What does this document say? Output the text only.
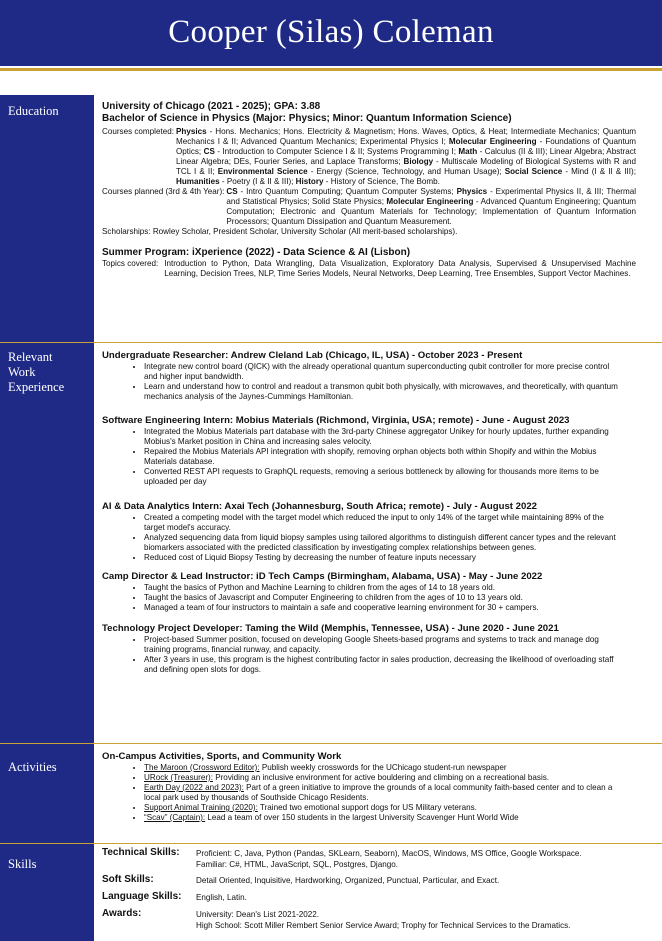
Cooper (Silas) Coleman
Education
Relevant Work Experience
Activities
Skills
University of Chicago (2021 - 2025); GPA: 3.88
Bachelor of Science in Physics (Major: Physics; Minor: Quantum Information Science)
Courses completed: Physics - Hons. Mechanics; Hons. Electricity & Magnetism; Hons. Waves, Optics, & Heat; Intermediate Mechanics; Quantum Mechanics I & II; Advanced Quantum Mechanics; Experimental Physics I; Molecular Engineering - Foundations of Quantum Optics; CS - Introduction to Computer Science I & II; Systems Programming I; Math - Calculus (II & III); Linear Algebra; Abstract Linear Algebra; DEs, Fourier Series, and Laplace Transforms; Biology - Multiscale Modeling of Biological Systems with R and TCL I & II; Environmental Science - Energy (Science, Technology, and Human Usage); Social Science - Mind (I & II & III); Humanities - Poetry (I & II & III); History - History of Science, The Bomb.
Courses planned (3rd & 4th Year): CS - Intro Quantum Computing; Quantum Computer Systems; Physics - Experimental Physics II, & III; Thermal and Statistical Physics; Solid State Physics; Molecular Engineering - Advanced Quantum Engineering; Quantum Computation; Electronic and Quantum Materials for Technology; Implementation of Quantum Information Processors; Quantum Dissipation and Quantum Measurement.
Scholarships: Rowley Scholar, President Scholar, University Scholar (All merit-based scholarships).
Summer Program: iXperience (2022) - Data Science & AI (Lisbon)
Topics covered: Introduction to Python, Data Wrangling, Data Visualization, Exploratory Data Analysis, Supervised & Unsupervised Machine Learning, Decision Trees, NLP, Time Series Models, Neural Networks, Deep Learning, Tree Ensembles, Support Vector Machines.
Undergraduate Researcher: Andrew Cleland Lab (Chicago, IL, USA) - October 2023 - Present
• Integrate new control board (QICK) with the already operational quantum superconducting qubit controller for more precise control and higher input bandwidth.
• Learn and understand how to control and readout a transmon qubit both physically, with microwaves, and theoretically, with quantum mechanics analysis of the Jaynes-Cummings Hamiltonian.
Software Engineering Intern: Mobius Materials (Richmond, Virginia, USA; remote) - June - August 2023
• Integrated the Mobius Materials part database with the 3rd-party Chinese aggregator Unikey for hourly updates, further expanding Mobius's Market position in China and increasing sales velocity.
• Repaired the Mobius Materials API integration with shopify, removing orphan objects both within Shopify and within the Mobius Materials database.
• Converted REST API requests to GraphQL requests, removing a serious bottleneck by allowing for thousands more items to be uploaded per day
AI & Data Analytics Intern: Axai Tech (Johannesburg, South Africa; remote) - July - August 2022
• Created a competing model with the target model which reduced the input to only 14% of the target while maintaining 89% of the target model's accuracy.
• Analyzed sequencing data from liquid biopsy samples using tailored algorithms to distinguish different cancer types and the relevant biomarkers associated with the predicted classification by investigating complex relationships between genes.
• Reduced cost of Liquid Biopsy Testing by decreasing the number of feature inputs necessary
Camp Director & Lead Instructor: iD Tech Camps (Birmingham, Alabama, USA) - May - June 2022
• Taught the basics of Python and Machine Learning to children from the ages of 14 to 18 years old.
• Taught the basics of Javascript and Computer Engineering to children from the ages of 10 to 13 years old.
• Managed a team of four instructors to maintain a safe and cooperative learning environment for 30 + campers.
Technology Project Developer: Taming the Wild (Memphis, Tennessee, USA) - June 2020 - June 2021
• Project-based Summer position, focused on developing Google Sheets-based programs and systems to track and manage dog training programs, financial runway, and capacity.
• After 3 years in use, this program is the highest contributing factor in sales production, decreasing the likelihood of overloading staff and defining open slots for dogs.
On-Campus Activities, Sports, and Community Work
• The Maroon (Crossword Editor): Publish weekly crosswords for the UChicago student-run newspaper
• URock (Treasurer): Providing an inclusive environment for active bouldering and climbing on a recreational basis.
• Earth Day (2022 and 2023): Part of a green initiative to improve the grounds of a local community faith-based center and to clean a local park used by thousands of Southside Chicago Residents.
• Support Animal Training (2020): Trained two emotional support dogs for US Military veterans.
• “Scav” (Captain): Lead a team of over 150 students in the largest University Scavenger Hunt World Wide
Technical Skills: Proficient: C, Java, Python (Pandas, SKLearn, Seaborn), MacOS, Windows, MS Office, Google Workspace.
Familiar: C#, HTML, JavaScript, SQL, Postgres, Django.
Soft Skills:	Detail Oriented, Inquisitive, Hardworking, Organized, Punctual, Particular, and Exact.
Language Skills: English, Latin.
Awards:	University: Dean's List 2021-2022.
High School: Scott Miller Rembert Senior Service Award; Trophy for Technical Services to the Dramatics.
